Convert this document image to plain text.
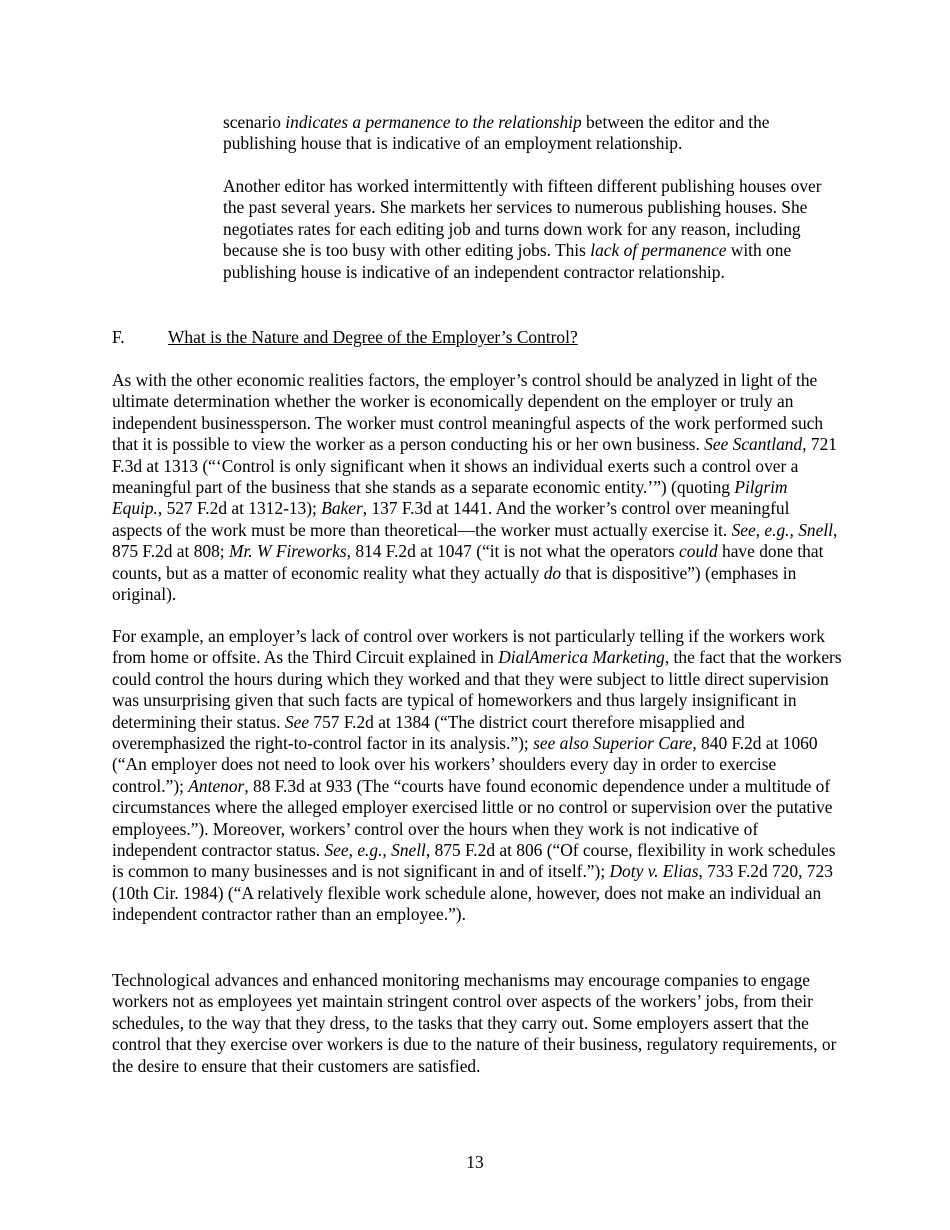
scenario indicates a permanence to the relationship between the editor and the publishing house that is indicative of an employment relationship.

Another editor has worked intermittently with fifteen different publishing houses over the past several years. She markets her services to numerous publishing houses. She negotiates rates for each editing job and turns down work for any reason, including because she is too busy with other editing jobs. This lack of permanence with one publishing house is indicative of an independent contractor relationship.

F. What is the Nature and Degree of the Employer’s Control?

As with the other economic realities factors, the employer’s control should be analyzed in light of the ultimate determination whether the worker is economically dependent on the employer or truly an independent businessperson. The worker must control meaningful aspects of the work performed such that it is possible to view the worker as a person conducting his or her own business. See Scantland, 721 F.3d at 1313 (“‘Control is only significant when it shows an individual exerts such a control over a meaningful part of the business that she stands as a separate economic entity.’”) (quoting Pilgrim Equip., 527 F.2d at 1312-13); Baker, 137 F.3d at 1441. And the worker’s control over meaningful aspects of the work must be more than theoretical—the worker must actually exercise it. See, e.g., Snell, 875 F.2d at 808; Mr. W Fireworks, 814 F.2d at 1047 (“it is not what the operators could have done that counts, but as a matter of economic reality what they actually do that is dispositive”) (emphases in original).

For example, an employer’s lack of control over workers is not particularly telling if the workers work from home or offsite. As the Third Circuit explained in DialAmerica Marketing, the fact that the workers could control the hours during which they worked and that they were subject to little direct supervision was unsurprising given that such facts are typical of homeworkers and thus largely insignificant in determining their status. See 757 F.2d at 1384 (“The district court therefore misapplied and overemphasized the right-to-control factor in its analysis.”); see also Superior Care, 840 F.2d at 1060 (“An employer does not need to look over his workers’ shoulders every day in order to exercise control.”); Antenor, 88 F.3d at 933 (The “courts have found economic dependence under a multitude of circumstances where the alleged employer exercised little or no control or supervision over the putative employees.”). Moreover, workers’ control over the hours when they work is not indicative of independent contractor status. See, e.g., Snell, 875 F.2d at 806 (“Of course, flexibility in work schedules is common to many businesses and is not significant in and of itself.”); Doty v. Elias, 733 F.2d 720, 723 (10th Cir. 1984) (“A relatively flexible work schedule alone, however, does not make an individual an independent contractor rather than an employee.”).

Technological advances and enhanced monitoring mechanisms may encourage companies to engage workers not as employees yet maintain stringent control over aspects of the workers’ jobs, from their schedules, to the way that they dress, to the tasks that they carry out. Some employers assert that the control that they exercise over workers is due to the nature of their business, regulatory requirements, or the desire to ensure that their customers are satisfied.

13
